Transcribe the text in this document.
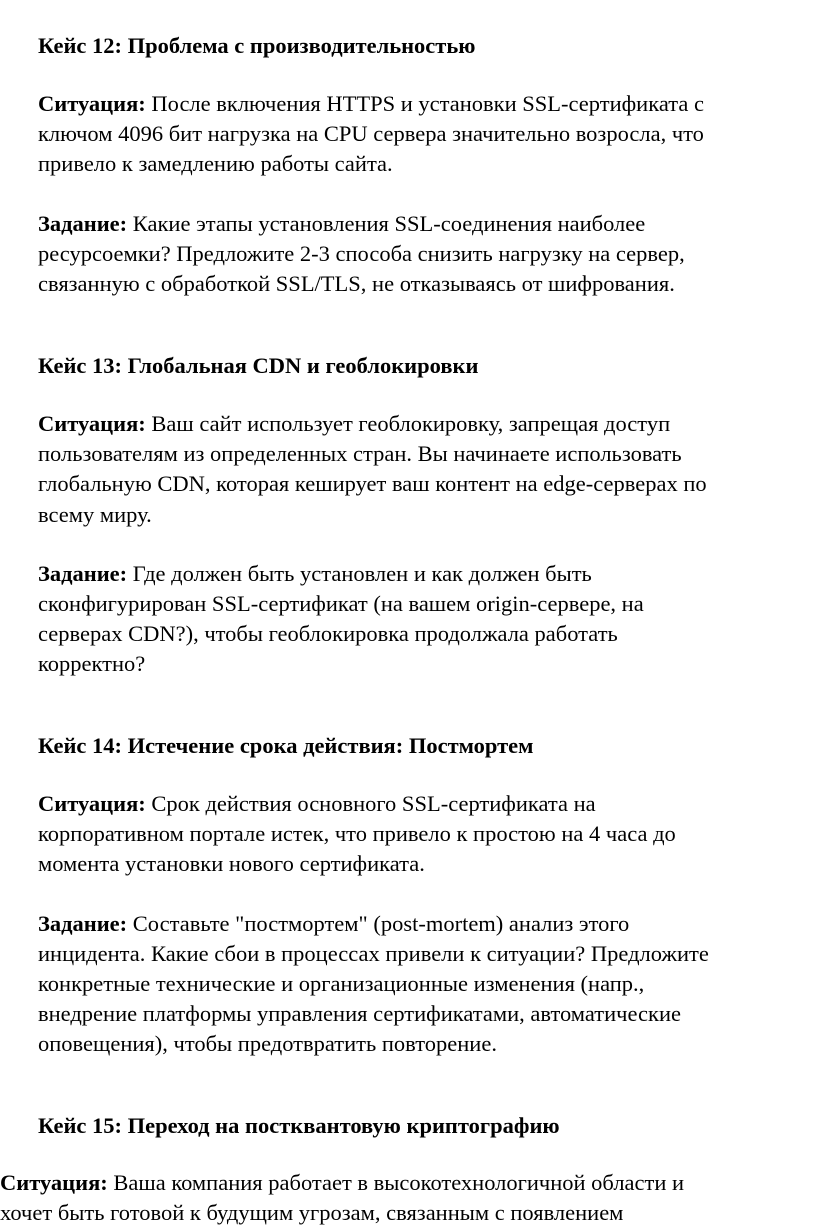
Кейс 12: Проблема с производительностью

Ситуация: После включения HTTPS и установки SSL-сертификата с
ключом 4096 бит нагрузка на CPU сервера значительно возросла, что
привело к замедлению работы сайта.

Задание: Какие этапы установления SSL-соединения наиболее
ресурсоемки? Предложите 2-3 способа снизить нагрузку на сервер,
связанную с обработкой SSL/TLS, не отказываясь от шифрования.

Кейс 13: Глобальная CDN и геоблокировки

Ситуация: Ваш сайт использует геоблокировку, запрещая доступ
пользователям из определенных стран. Вы начинаете использовать
глобальную CDN, которая кеширует ваш контент на edge-серверах по
всему миру.

Задание: Где должен быть установлен и как должен быть
сконфигурирован SSL-сертификат (на вашем origin-сервере, на
серверах CDN?), чтобы геоблокировка продолжала работать
корректно?

Кейс 14: Истечение срока действия: Постмортем

Ситуация: Срок действия основного SSL-сертификата на
корпоративном портале истек, что привело к простою на 4 часа до
момента установки нового сертификата.

Задание: Составьте "постмортем" (post-mortem) анализ этого
инцидента. Какие сбои в процессах привели к ситуации? Предложите
конкретные технические и организационные изменения (напр.,
внедрение платформы управления сертификатами, автоматические
оповещения), чтобы предотвратить повторение.

Кейс 15: Переход на постквантовую криптографию

Ситуация: Ваша компания работает в высокотехнологичной области и
хочет быть готовой к будущим угрозам, связанным с появлением
